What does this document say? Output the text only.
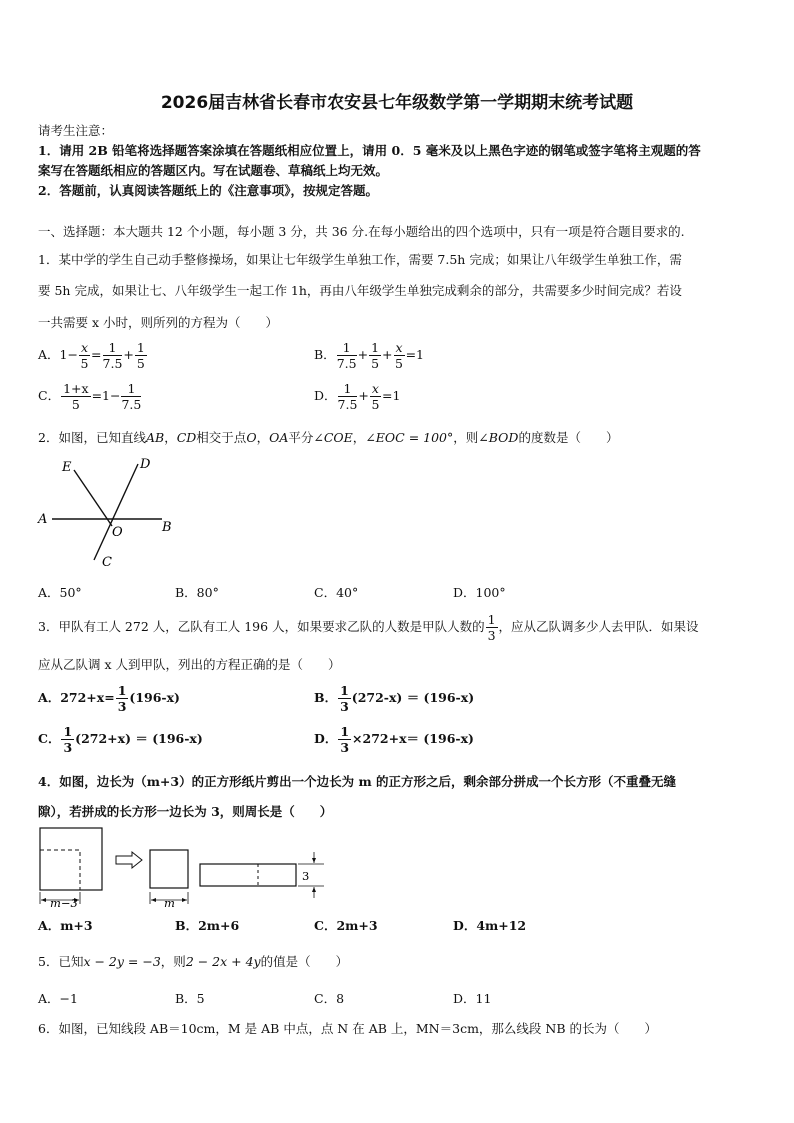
2026届吉林省长春市农安县七年级数学第一学期期末统考试题
请考生注意：
1．请用 2B 铅笔将选择题答案涂填在答题纸相应位置上，请用 0．5 毫米及以上黑色字迹的钢笔或签字笔将主观题的答
案写在答题纸相应的答题区内。写在试题卷、草稿纸上均无效。
2．答题前，认真阅读答题纸上的《注意事项》，按规定答题。
一、选择题：本大题共 12 个小题，每小题 3 分，共 36 分.在每小题给出的四个选项中，只有一项是符合题目要求的.
1．某中学的学生自己动手整修操场，如果让七年级学生单独工作，需要 7.5h 完成；如果让八年级学生单独工作，需
要 5h 完成，如果让七、八年级学生一起工作 1h，再由八年级学生单独完成剩余的部分，共需要多少时间完成？若设
一共需要 x 小时，则所列的方程为（　　）
A．$1- \frac{x}{5} = \frac{1}{7.5} + \frac{1}{5}$	B． $\frac{1}{7.5} + \frac{1}{5} + \frac{x}{5} =1$
C． $\frac{1+x}{5} =1- \frac{1}{7.5}$	D． $\frac{1}{7.5} + \frac{x}{5} =1$
2．如图，已知直线AB，CD相交于点O，OA平分∠COE，∠EOC = 100°，则∠BOD的度数是（　　）
E	D
A
O	B
C
A．50°	B．80°	C．40°	D．100°
3．甲队有工人 272 人，乙队有工人 196 人，如果要求乙队的人数是甲队人数的 $\frac{1}{3}$ ，应从乙队调多少人去甲队．如果设
应从乙队调 x 人到甲队，列出的方程正确的是（　　）
A．$272+x= \frac{1}{3} (196-x)$	B． $\frac{1}{3} (272-x) = (196-x)$
C． $\frac{1}{3} (272+x) = (196-x)$	D． $\frac{1}{3} \times 272+x= (196-x)$
4．如图，边长为（m+3）的正方形纸片剪出一个边长为 m 的正方形之后，剩余部分拼成一个长方形（不重叠无缝
隙），若拼成的长方形一边长为 3，则周长是（　　）
m−3	m
3
A．m+3	B．2m+6	C．2m+3	D．4m+12
5．已知x − 2y = −3，则2 − 2x + 4y的值是（　　）
A．−1	B．5	C．8	D．11
6．如图，已知线段 AB＝10cm，M 是 AB 中点，点 N 在 AB 上，MN＝3cm，那么线段 NB 的长为（　　）
